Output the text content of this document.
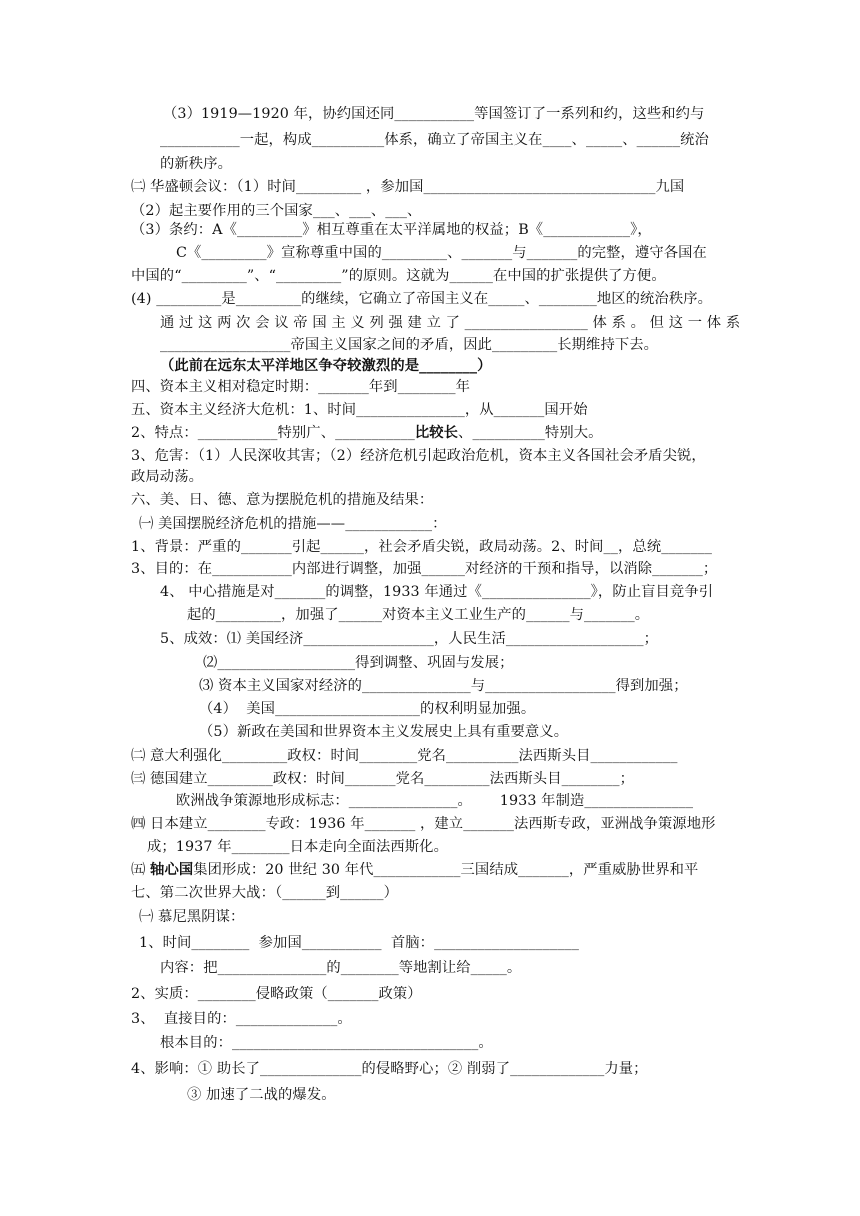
（3）1919—1920 年，协约国还同___________等国签订了一系列和约，这些和约与
___________一起，构成__________体系，确立了帝国主义在____、_____、______统治
的新秩序。
㈡ 华盛顿会议：（1）时间_________ ，参加国________________________________九国
（2）起主要作用的三个国家___、___、___、
（3）条约：A《_________》相互尊重在太平洋属地的权益；B《____________》，
C《_________》宣称尊重中国的_________、_______与_______的完整，遵守各国在
中国的“_________”、“_________”的原则。这就为______在中国的扩张提供了方便。
(4) _________是_________的继续，它确立了帝国主义在_____、________地区的统治秩序。
通 过 这 两 次 会 议 帝 国 主 义 列 强 建 立 了 _________________ 体 系 。 但 这 一 体 系
__________________帝国主义国家之间的矛盾，因此_________长期维持下去。
（此前在远东太平洋地区争夺较激烈的是________）
四、资本主义相对稳定时期：_______年到________年
五、资本主义经济大危机：1、时间_______________，从_______国开始
2、特点：___________特别广、___________比较长、__________特别大。
3、危害：（1）人民深收其害；（2）经济危机引起政治危机，资本主义各国社会矛盾尖锐，
政局动荡。
六、美、日、德、意为摆脱危机的措施及结果：
㈠ 美国摆脱经济危机的措施——____________：
1、背景：严重的_______引起______，社会矛盾尖锐，政局动荡。2、时间__，总统_______
3、目的：在___________内部进行调整，加强______对经济的干预和指导，以消除_______；
4、 中心措施是对_______的调整，1933 年通过《_______________》，防止盲目竞争引
起的_________，加强了______对资本主义工业生产的______与_______。
5、成效：⑴ 美国经济__________________，人民生活___________________；
⑵___________________得到调整、巩固与发展；
⑶ 资本主义国家对经济的_______________与__________________得到加强；
（4）  美国____________________的权利明显加强。
（5）新政在美国和世界资本主义发展史上具有重要意义。
㈡ 意大利强化_________政权：时间________党名__________法西斯头目____________
㈢ 德国建立_________政权：时间_______党名_________法西斯头目________；
欧洲战争策源地形成标志：_______________。      1933 年制造_______________
㈣ 日本建立________专政：1936 年_______ ，建立_______法西斯专政，亚洲战争策源地形
成；1937 年________日本走向全面法西斯化。
㈤ 轴心国集团形成：20 世纪 30 年代____________三国结成_______，严重威胁世界和平
七、第二次世界大战：（______到______）
㈠ 慕尼黑阴谋：
1、时间________  参加国___________  首脑：____________________
内容：把_______________的________等地割让给_____。
2、实质：________侵略政策（_______政策）
3、  直接目的：______________。
根本目的：__________________________________。
4、影响：① 助长了______________的侵略野心；② 削弱了_____________力量；
③ 加速了二战的爆发。
